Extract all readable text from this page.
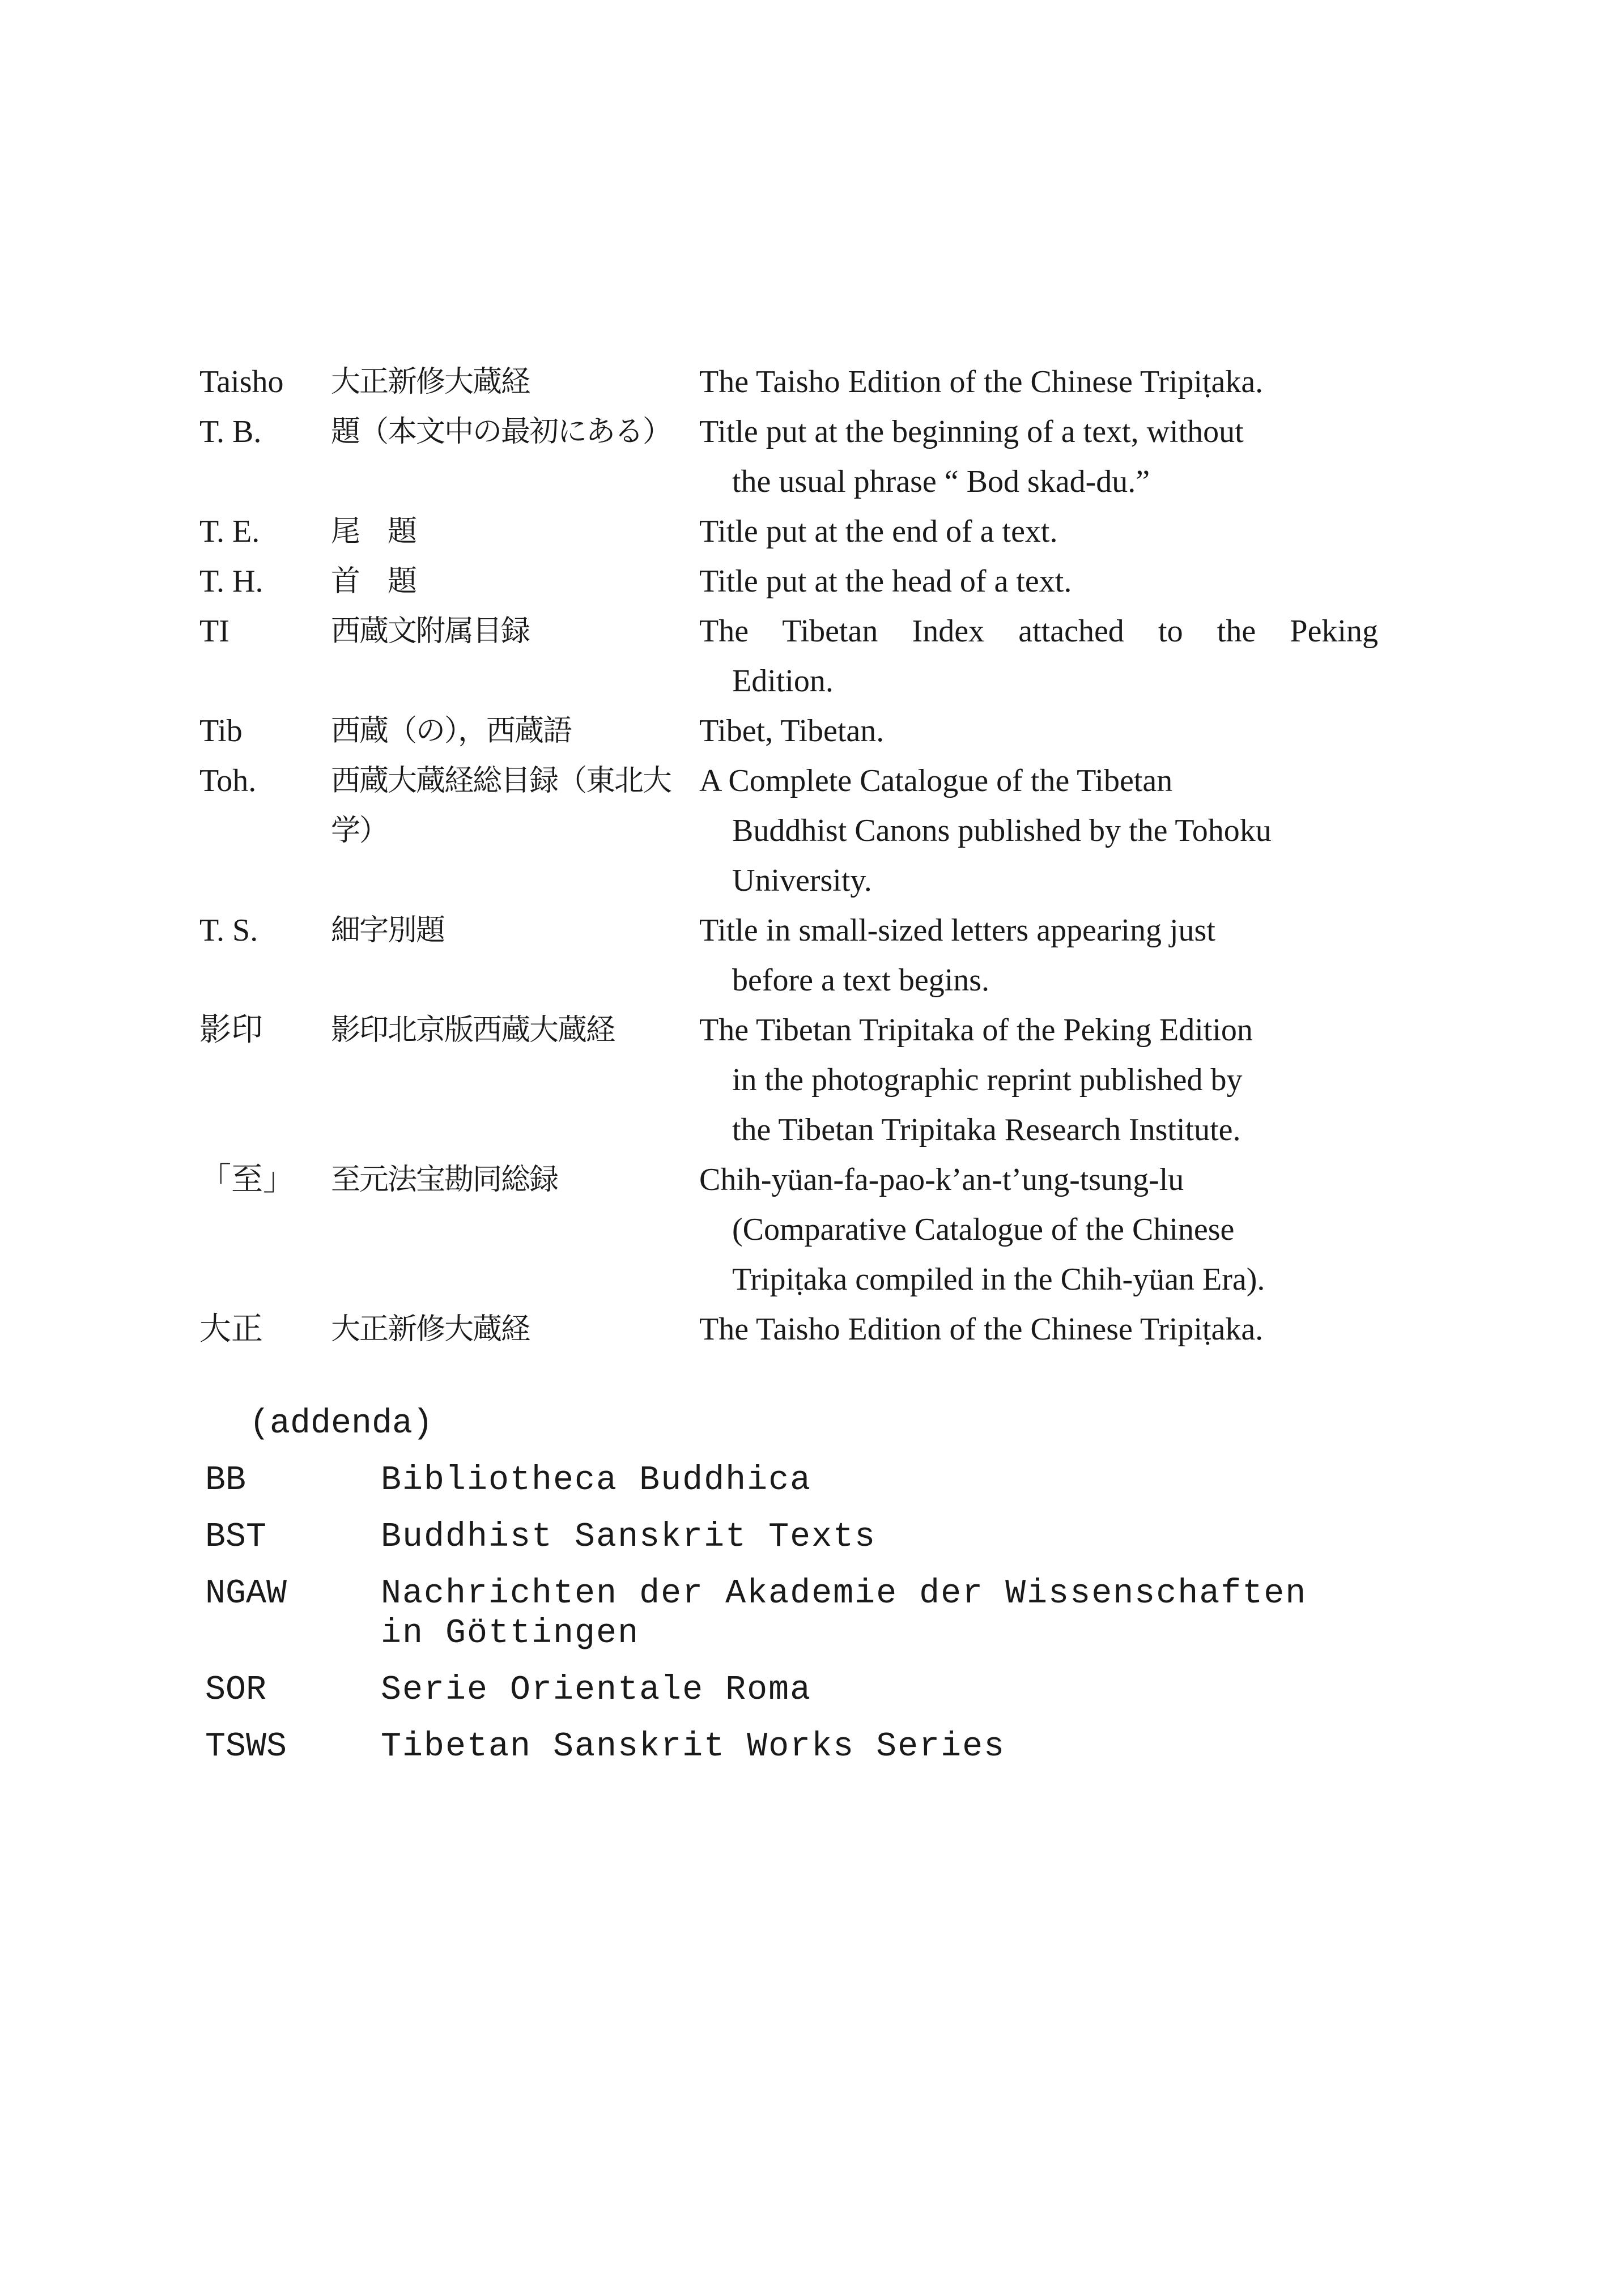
Taisho	大正新修大蔵経	The Taisho Edition of the Chinese Tripiṭaka.
T. B.	題（本文中の最初にある） Title put at the beginning of a text, without
the usual phrase “ Bod skad-du.”
T. E.	尾　題	Title put at the end of a text.
T. H.	首　題	Title put at the head of a text.
TI	西蔵文附属目録	The Tibetan Index attached to the Peking
Edition.
Tib	西蔵（の），西蔵語	Tibet, Tibetan.
Toh.	西蔵大蔵経総目録（東北大学）
A Complete Catalogue of the Tibetan
Buddhist Canons published by the Tohoku
University.
T. S.	細字別題	Title in small-sized letters appearing just
before a text begins.
影印	影印北京版西蔵大蔵経	The Tibetan Tripitaka of the Peking Edition
in the photographic reprint published by
the Tibetan Tripitaka Research Institute.
「至」	至元法宝勘同総録	Chih-yüan-fa-pao-k’an-t’ung-tsung-lu
(Comparative Catalogue of the Chinese
Tripiṭaka compiled in the Chih-yüan Era).
大正	大正新修大蔵経	The Taisho Edition of the Chinese Tripiṭaka.
(addenda)
BB	Bibliotheca Buddhica
BST	Buddhist Sanskrit Texts
NGAW	Nachrichten der Akademie der Wissenschaften
in Göttingen
SOR	Serie Orientale Roma
TSWS	Tibetan Sanskrit Works Series
